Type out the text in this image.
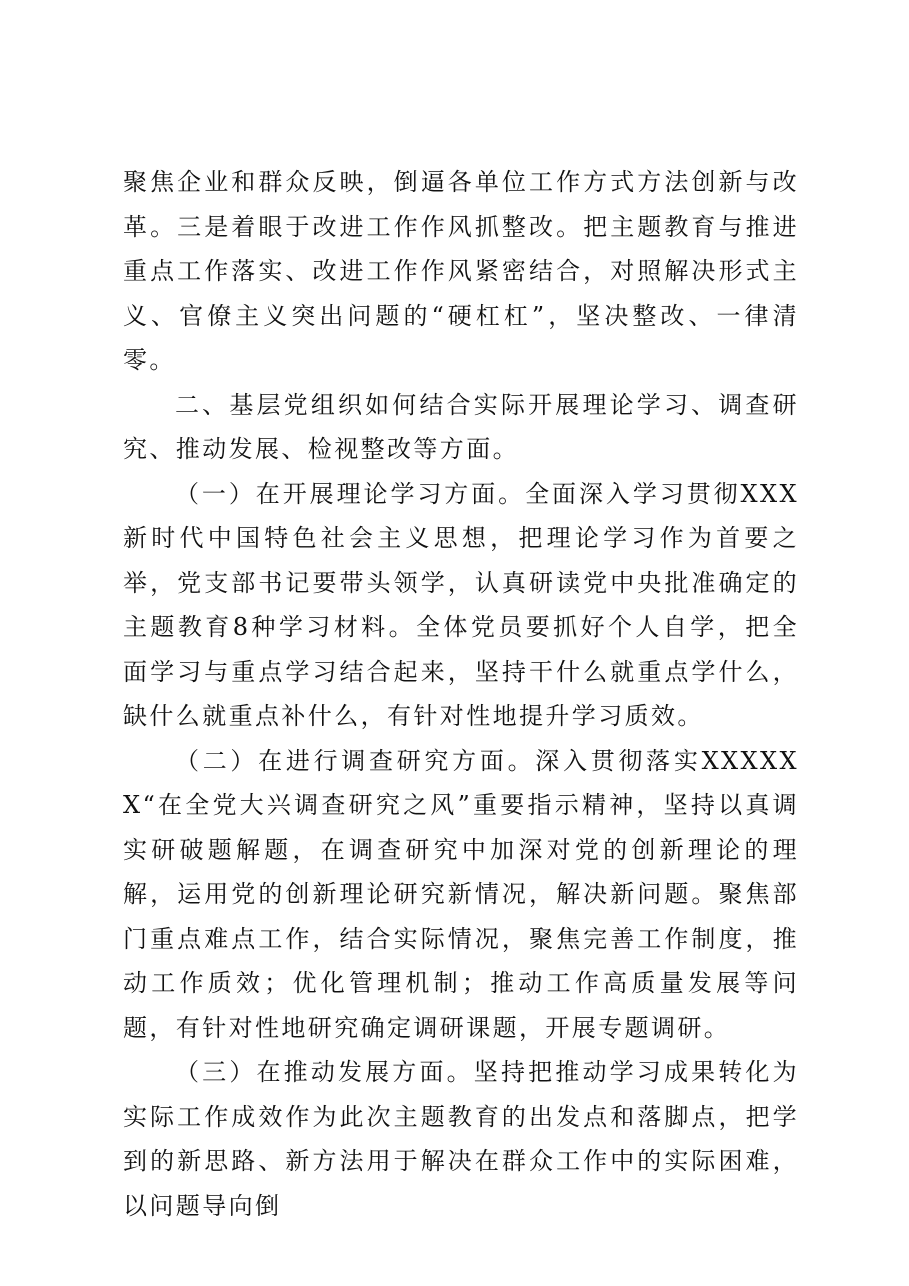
聚焦企业和群众反映，倒逼各单位工作方式方法创新与改革。三是着眼于改进工作作风抓整改。把主题教育与推进重点工作落实、改进工作作风紧密结合，对照解决形式主义、官僚主义突出问题的“硬杠杠”，坚决整改、一律清零。

二、基层党组织如何结合实际开展理论学习、调查研究、推动发展、检视整改等方面。

（一）在开展理论学习方面。全面深入学习贯彻XXX新时代中国特色社会主义思想，把理论学习作为首要之举，党支部书记要带头领学，认真研读党中央批准确定的主题教育8种学习材料。全体党员要抓好个人自学，把全面学习与重点学习结合起来，坚持干什么就重点学什么，缺什么就重点补什么，有针对性地提升学习质效。

（二）在进行调查研究方面。深入贯彻落实XXXXXX“在全党大兴调查研究之风”重要指示精神，坚持以真调实研破题解题，在调查研究中加深对党的创新理论的理解，运用党的创新理论研究新情况，解决新问题。聚焦部门重点难点工作，结合实际情况，聚焦完善工作制度，推动工作质效；优化管理机制；推动工作高质量发展等问题，有针对性地研究确定调研课题，开展专题调研。

（三）在推动发展方面。坚持把推动学习成果转化为实际工作成效作为此次主题教育的出发点和落脚点，把学到的新思路、新方法用于解决在群众工作中的实际困难，以问题导向倒
